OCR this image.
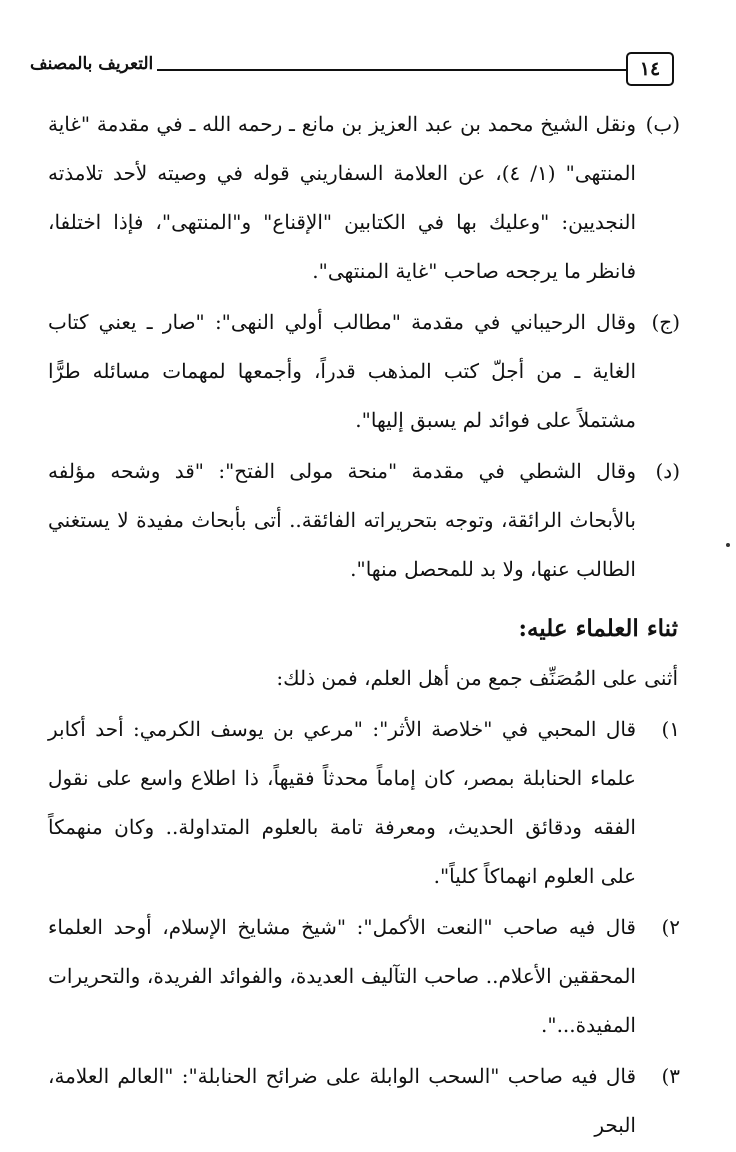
١٤
التعريف بالمصنف
(ب)
ونقل الشيخ محمد بن عبد العزيز بن مانع ـ رحمه الله ـ في مقدمة "غاية المنتهى" (١/ ٤)، عن العلامة السفاريني قوله في وصيته لأحد تلامذته النجديين: "وعليك بها في الكتابين "الإقناع" و"المنتهى"، فإذا اختلفا، فانظر ما يرجحه صاحب "غاية المنتهى".
(ج)
وقال الرحيباني في مقدمة "مطالب أولي النهى": "صار ـ يعني كتاب الغاية ـ من أجلّ كتب المذهب قدراً، وأجمعها لمهمات مسائله طرًّا مشتملاً على فوائد لم يسبق إليها".
(د)
وقال الشطي في مقدمة "منحة مولى الفتح": "قد وشحه مؤلفه بالأبحاث الرائقة، وتوجه بتحريراته الفائقة.. أتى بأبحاث مفيدة لا يستغني الطالب عنها، ولا بد للمحصل منها".
ثناء العلماء عليه:
أثنى على المُصَنِّف جمع من أهل العلم، فمن ذلك:
١)
قال المحبي في "خلاصة الأثر": "مرعي بن يوسف الكرمي: أحد أكابر علماء الحنابلة بمصر، كان إماماً محدثاً فقيهاً، ذا اطلاع واسع على نقول الفقه ودقائق الحديث، ومعرفة تامة بالعلوم المتداولة.. وكان منهمكاً على العلوم انهماكاً كلياً".
٢)
قال فيه صاحب "النعت الأكمل": "شيخ مشايخ الإسلام، أوحد العلماء المحققين الأعلام.. صاحب التآليف العديدة، والفوائد الفريدة، والتحريرات المفيدة...".
٣)
قال فيه صاحب "السحب الوابلة على ضرائح الحنابلة": "العالم العلامة، البحر
